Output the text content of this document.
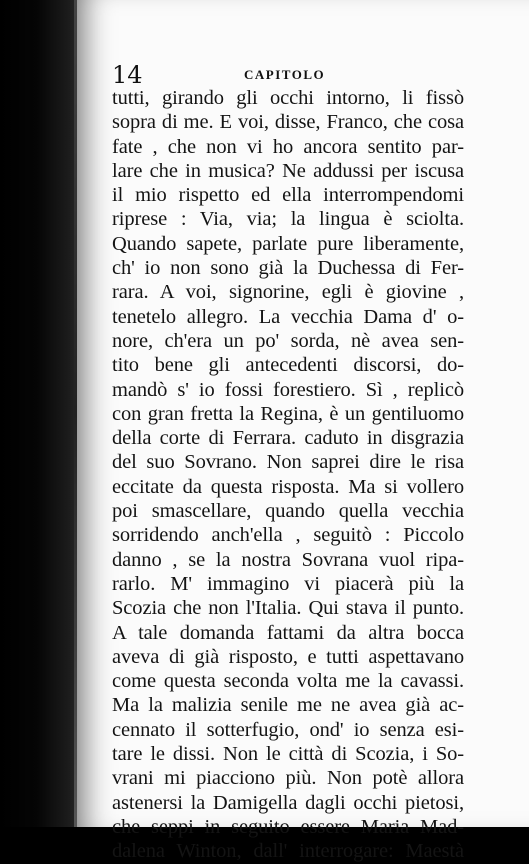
14	CAPITOLO
tutti, girando gli occhi intorno, li fissò
sopra di me. E voi, disse, Franco, che cosa
fate , che non vi ho ancora sentito par-
lare che in musica? Ne addussi per iscusa
il mio rispetto ed ella interrompendomi
riprese : Via, via; la lingua è sciolta.
Quando sapete, parlate pure liberamente,
ch' io non sono già la Duchessa di Fer-
rara. A voi, signorine, egli è giovine ,
tenetelo allegro. La vecchia Dama d' o-
nore, ch'era un po' sorda, nè avea sen-
tito bene gli antecedenti discorsi, do-
mandò s' io fossi forestiero. Sì , replicò
con gran fretta la Regina, è un gentiluomo
della corte di Ferrara. caduto in disgrazia
del suo Sovrano. Non saprei dire le risa
eccitate da questa risposta. Ma si vollero
poi smascellare, quando quella vecchia
sorridendo anch'ella , seguitò : Piccolo
danno , se la nostra Sovrana vuol ripa-
rarlo. M' immagino vi piacerà più la
Scozia che non l'Italia. Qui stava il punto.
A tale domanda fattami da altra bocca
aveva di già risposto, e tutti aspettavano
come questa seconda volta me la cavassi.
Ma la malizia senile me ne avea già ac-
cennato il sotterfugio, ond' io senza esi-
tare le dissi. Non le città di Scozia, i So-
vrani mi piacciono più. Non potè allora
astenersi la Damigella dagli occhi pietosi,
che seppi in seguito essere Maria Mad-
dalena Winton, dall' interrogare: Maestà
